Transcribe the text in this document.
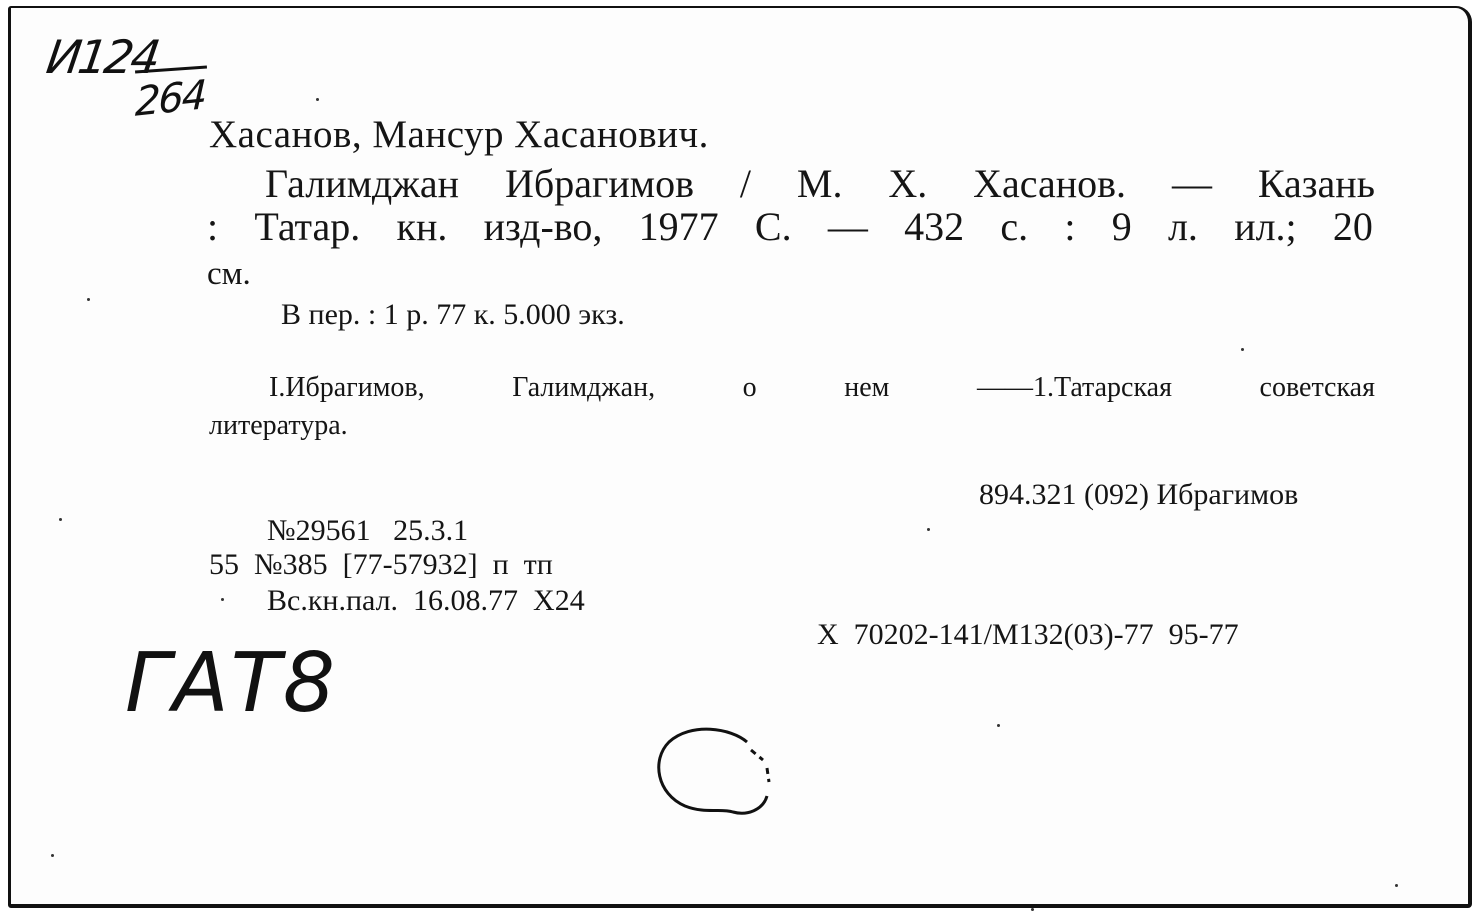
И124
264

Хасанов, Мансур Хасанович.

Галимджан Ибрагимов / М. Х. Хасанов. — Казань

: Татар. кн. изд-во, 1977 С. — 432 с. : 9 л. ил.; 20

см.

В пер. : 1 р. 77 к. 5.000 экз.

I.Ибрагимов,	Галимджан,	о	нем	——1.Татарская	советская

литература.

894.321 (092) Ибрагимов

№29561   25.3.1

55  №385  [77-57932]  п  тп

Вс.кн.пал.  16.08.77  Х24

Х  70202-141/М132(03)-77  95-77

ГАТ8
